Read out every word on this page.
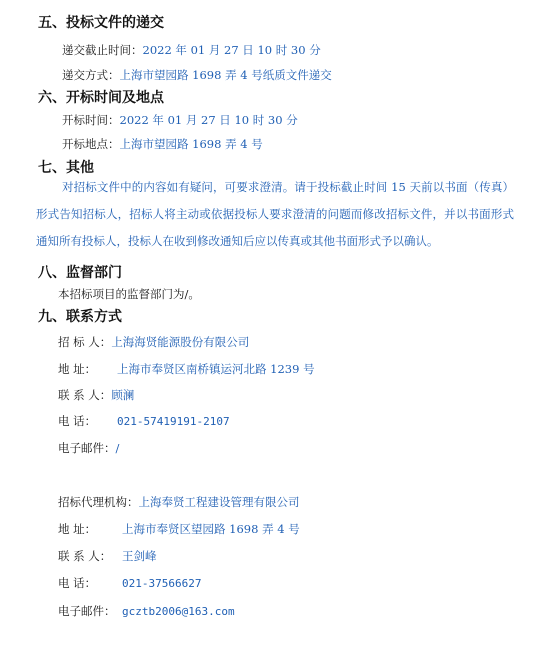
五、投标文件的递交
递交截止时间：2022 年 01 月 27 日 10 时 30 分
递交方式：上海市望园路 1698 弄 4 号纸质文件递交
六、开标时间及地点
开标时间：2022 年 01 月 27 日 10 时 30 分
开标地点：上海市望园路 1698 弄 4 号
七、其他
对招标文件中的内容如有疑问，可要求澄清。请于投标截止时间 15 天前以书面（传真）形式告知招标人，招标人将主动或依据投标人要求澄清的问题而修改招标文件，并以书面形式通知所有投标人，投标人在收到修改通知后应以传真或其他书面形式予以确认。
八、监督部门
本招标项目的监督部门为/。
九、联系方式
招 标 人：上海海贤能源股份有限公司
地 址： 上海市奉贤区南桥镇运河北路 1239 号
联 系 人：顾澜
电 话： 021-57419191-2107
电子邮件：/
招标代理机构：上海奉贤工程建设管理有限公司
地 址： 上海市奉贤区望园路 1698 弄 4 号
联 系 人： 王剑峰
电 话： 021-37566627
电子邮件： gcztb2006@163.com
